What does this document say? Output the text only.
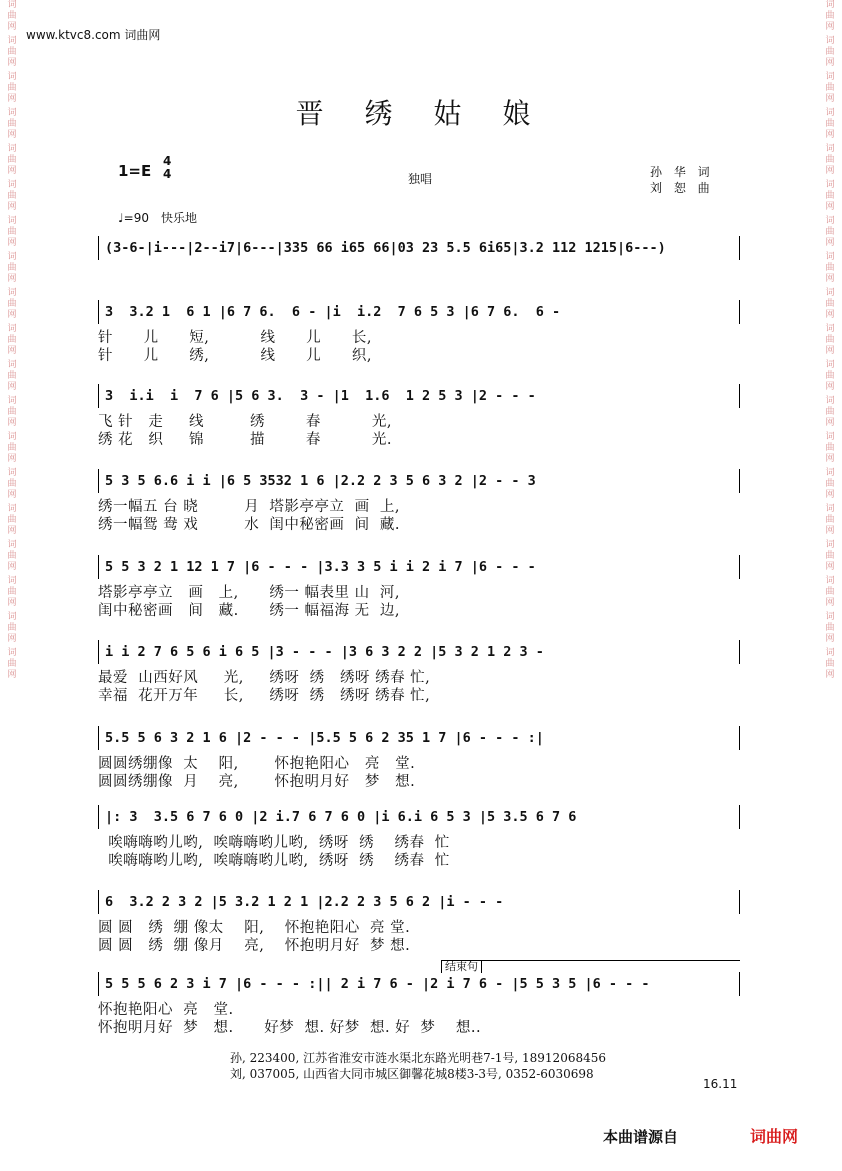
词
曲
网
词
曲
网
词
曲
网
词
曲
网
词
曲
网
词
曲
网
词
曲
网
词
曲
网
词
曲
网
词
曲
网
词
曲
网
词
曲
网
词
曲
网
词
曲
网
词
曲
网
词
曲
网
词
曲
网
词
曲
网
词
曲
网
词
曲
网
词
曲
网
词
曲
网
词
曲
网
词
曲
网
词
曲
网
词
曲
网
词
曲
网
词
曲
网
词
曲
网
词
曲
网
词
曲
网
词
曲
网
词
曲
网
词
曲
网
词
曲
网
词
曲
网
词
曲
网
词
曲
网
www.ktvc8.com 词曲网
晋 绣 姑 娘
1=E
4
4	独唱	孙 华 词
刘 恕 曲
♩=90 快乐地
(3-6-|i---|2--i7|6---|335 66 i65 66|03 23 5.5 6i65|3.2 112 1215|6---)
3  3.2 1  6 1 |6 7 6.  6 - |i  i.2  7 6 5 3 |6 7 6.  6 -
针      儿      短,          线      儿      长,
针      儿      绣,          线      儿      织,
3  i.i  i  7 6 |5 6 3.  3 - |1  1.6  1 2 5 3 |2 - - -
飞 针   走     线         绣        春          光,
绣 花   织     锦         描        春          光.
5 3 5 6.6 i i |6 5 3532 1 6 |2.2 2 3 5 6 3 2 |2 - - 3
绣一幅五 台 晓         月  塔影亭亭立  画  上,
绣一幅鸳 鸯 戏         水  闺中秘密画  间  藏.
5 5 3 2 1 12 1 7 |6 - - - |3.3 3 5 i i 2 i 7 |6 - - -
塔影亭亭立   画   上,      绣一 幅表里 山  河,
闺中秘密画   间   藏.      绣一 幅福海 无  边,
i i 2 7 6 5 6 i 6 5 |3 - - - |3 6 3 2 2 |5 3 2 1 2 3 -
最爱  山西好风     光,     绣呀  绣   绣呀 绣春 忙,
幸福  花开万年     长,     绣呀  绣   绣呀 绣春 忙,
5.5 5 6 3 2 1 6 |2 - - - |5.5 5 6 2 35 1 7 |6 - - - :|
圆圆绣绷像  太    阳,       怀抱艳阳心   亮   堂.
圆圆绣绷像  月    亮,       怀抱明月好   梦   想.
|: 3  3.5 6 7 6 0 |2 i.7 6 7 6 0 |i 6.i 6 5 3 |5 3.5 6 7 6
唉嗨嗨哟儿哟,  唉嗨嗨哟儿哟,  绣呀  绣    绣春  忙
唉嗨嗨哟儿哟,  唉嗨嗨哟儿哟,  绣呀  绣    绣春  忙
6  3.2 2 3 2 |5 3.2 1 2 1 |2.2 2 3 5 6 2 |i - - -
圆 圆   绣  绷 像太    阳,    怀抱艳阳心  亮 堂.
圆 圆   绣  绷 像月    亮,    怀抱明月好  梦 想.
结束句
5 5 5 6 2 3 i 7 |6 - - - :|| 2 i 7 6 - |2 i 7 6 - |5 5 3 5 |6 - - -
怀抱艳阳心  亮   堂.
怀抱明月好  梦   想.      好梦  想. 好梦  想. 好  梦    想..
孙, 223400, 江苏省淮安市涟水渠北东路光明巷7-1号, 18912068456
刘, 037005, 山西省大同市城区御馨花城8楼3-3号, 0352-6030698
16.11
本曲谱源自	词曲网
